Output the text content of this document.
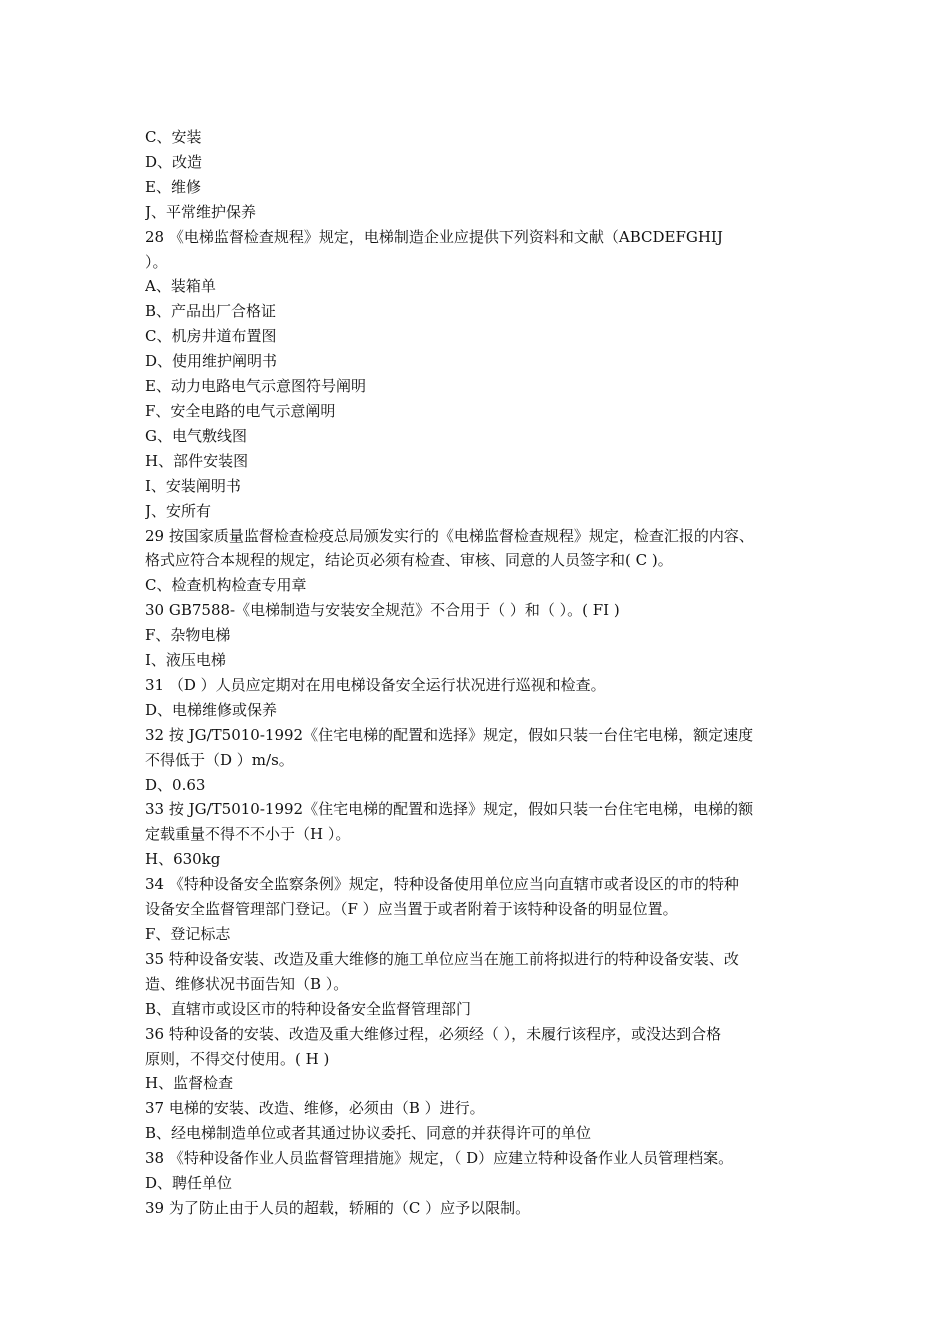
C、安装
D、改造
E、维修
J、平常维护保养
28 《电梯监督检查规程》规定，电梯制造企业应提供下列资料和文献（ABCDEFGHIJ
）。
A、装箱单
B、产品出厂合格证
C、机房井道布置图
D、使用维护阐明书
E、动力电路电气示意图符号阐明
F、安全电路的电气示意阐明
G、电气敷线图
H、部件安装图
I、安装阐明书
J、安所有
29 按国家质量监督检查检疫总局颁发实行的《电梯监督检查规程》规定，检查汇报的内容、
格式应符合本规程的规定，结论页必须有检查、审核、同意的人员签字和( C )。
C、检查机构检查专用章
30 GB7588-《电梯制造与安装安全规范》不合用于（ ）和（ ）。( FI )
F、杂物电梯
I、液压电梯
31 （D ）人员应定期对在用电梯设备安全运行状况进行巡视和检查。
D、电梯维修或保养
32 按 JG/T5010-1992《住宅电梯的配置和选择》规定，假如只装一台住宅电梯，额定速度
不得低于（D ）m/s。
D、0.63
33 按 JG/T5010-1992《住宅电梯的配置和选择》规定，假如只装一台住宅电梯，电梯的额
定载重量不得不不小于（H ）。
H、630kg
34 《特种设备安全监察条例》规定，特种设备使用单位应当向直辖市或者设区的市的特种
设备安全监督管理部门登记。（F ）应当置于或者附着于该特种设备的明显位置。
F、登记标志
35 特种设备安装、改造及重大维修的施工单位应当在施工前将拟进行的特种设备安装、改
造、维修状况书面告知（B ）。
B、直辖市或设区市的特种设备安全监督管理部门
36 特种设备的安装、改造及重大维修过程，必须经（ ），未履行该程序，或没达到合格
原则，不得交付使用。( H )
H、监督检查
37 电梯的安装、改造、维修，必须由（B ）进行。
B、经电梯制造单位或者其通过协议委托、同意的并获得许可的单位
38 《特种设备作业人员监督管理措施》规定，（ D）应建立特种设备作业人员管理档案。
D、聘任单位
39 为了防止由于人员的超载，轿厢的（C ）应予以限制。
